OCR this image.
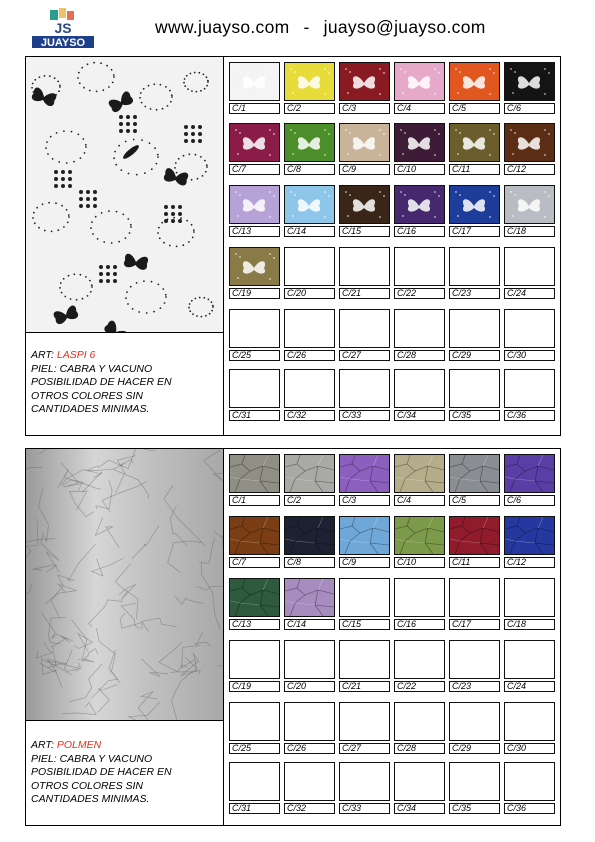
JS
JUAYSO
www.juayso.com - juayso@juayso.com
ART: LASPI 6
PIEL: CABRA Y VACUNO
POSIBILIDAD DE HACER EN
OTROS COLORES SIN
CANTIDADES MINIMAS.
C/1	C/2	C/3	C/4	C/5	C/6
C/7	C/8	C/9	C/10	C/11	C/12
C/13	C/14	C/15	C/16	C/17	C/18
C/19	C/20	C/21	C/22	C/23	C/24
C/25	C/26	C/27	C/28	C/29	C/30
C/31	C/32	C/33	C/34	C/35	C/36
ART: POLMEN
PIEL: CABRA Y VACUNO
POSIBILIDAD DE HACER EN
OTROS COLORES SIN
CANTIDADES MINIMAS.
C/1	C/2	C/3	C/4	C/5	C/6
C/7	C/8	C/9	C/10	C/11	C/12
C/13	C/14	C/15	C/16	C/17	C/18
C/19	C/20	C/21	C/22	C/23	C/24
C/25	C/26	C/27	C/28	C/29	C/30
C/31	C/32	C/33	C/34	C/35	C/36
